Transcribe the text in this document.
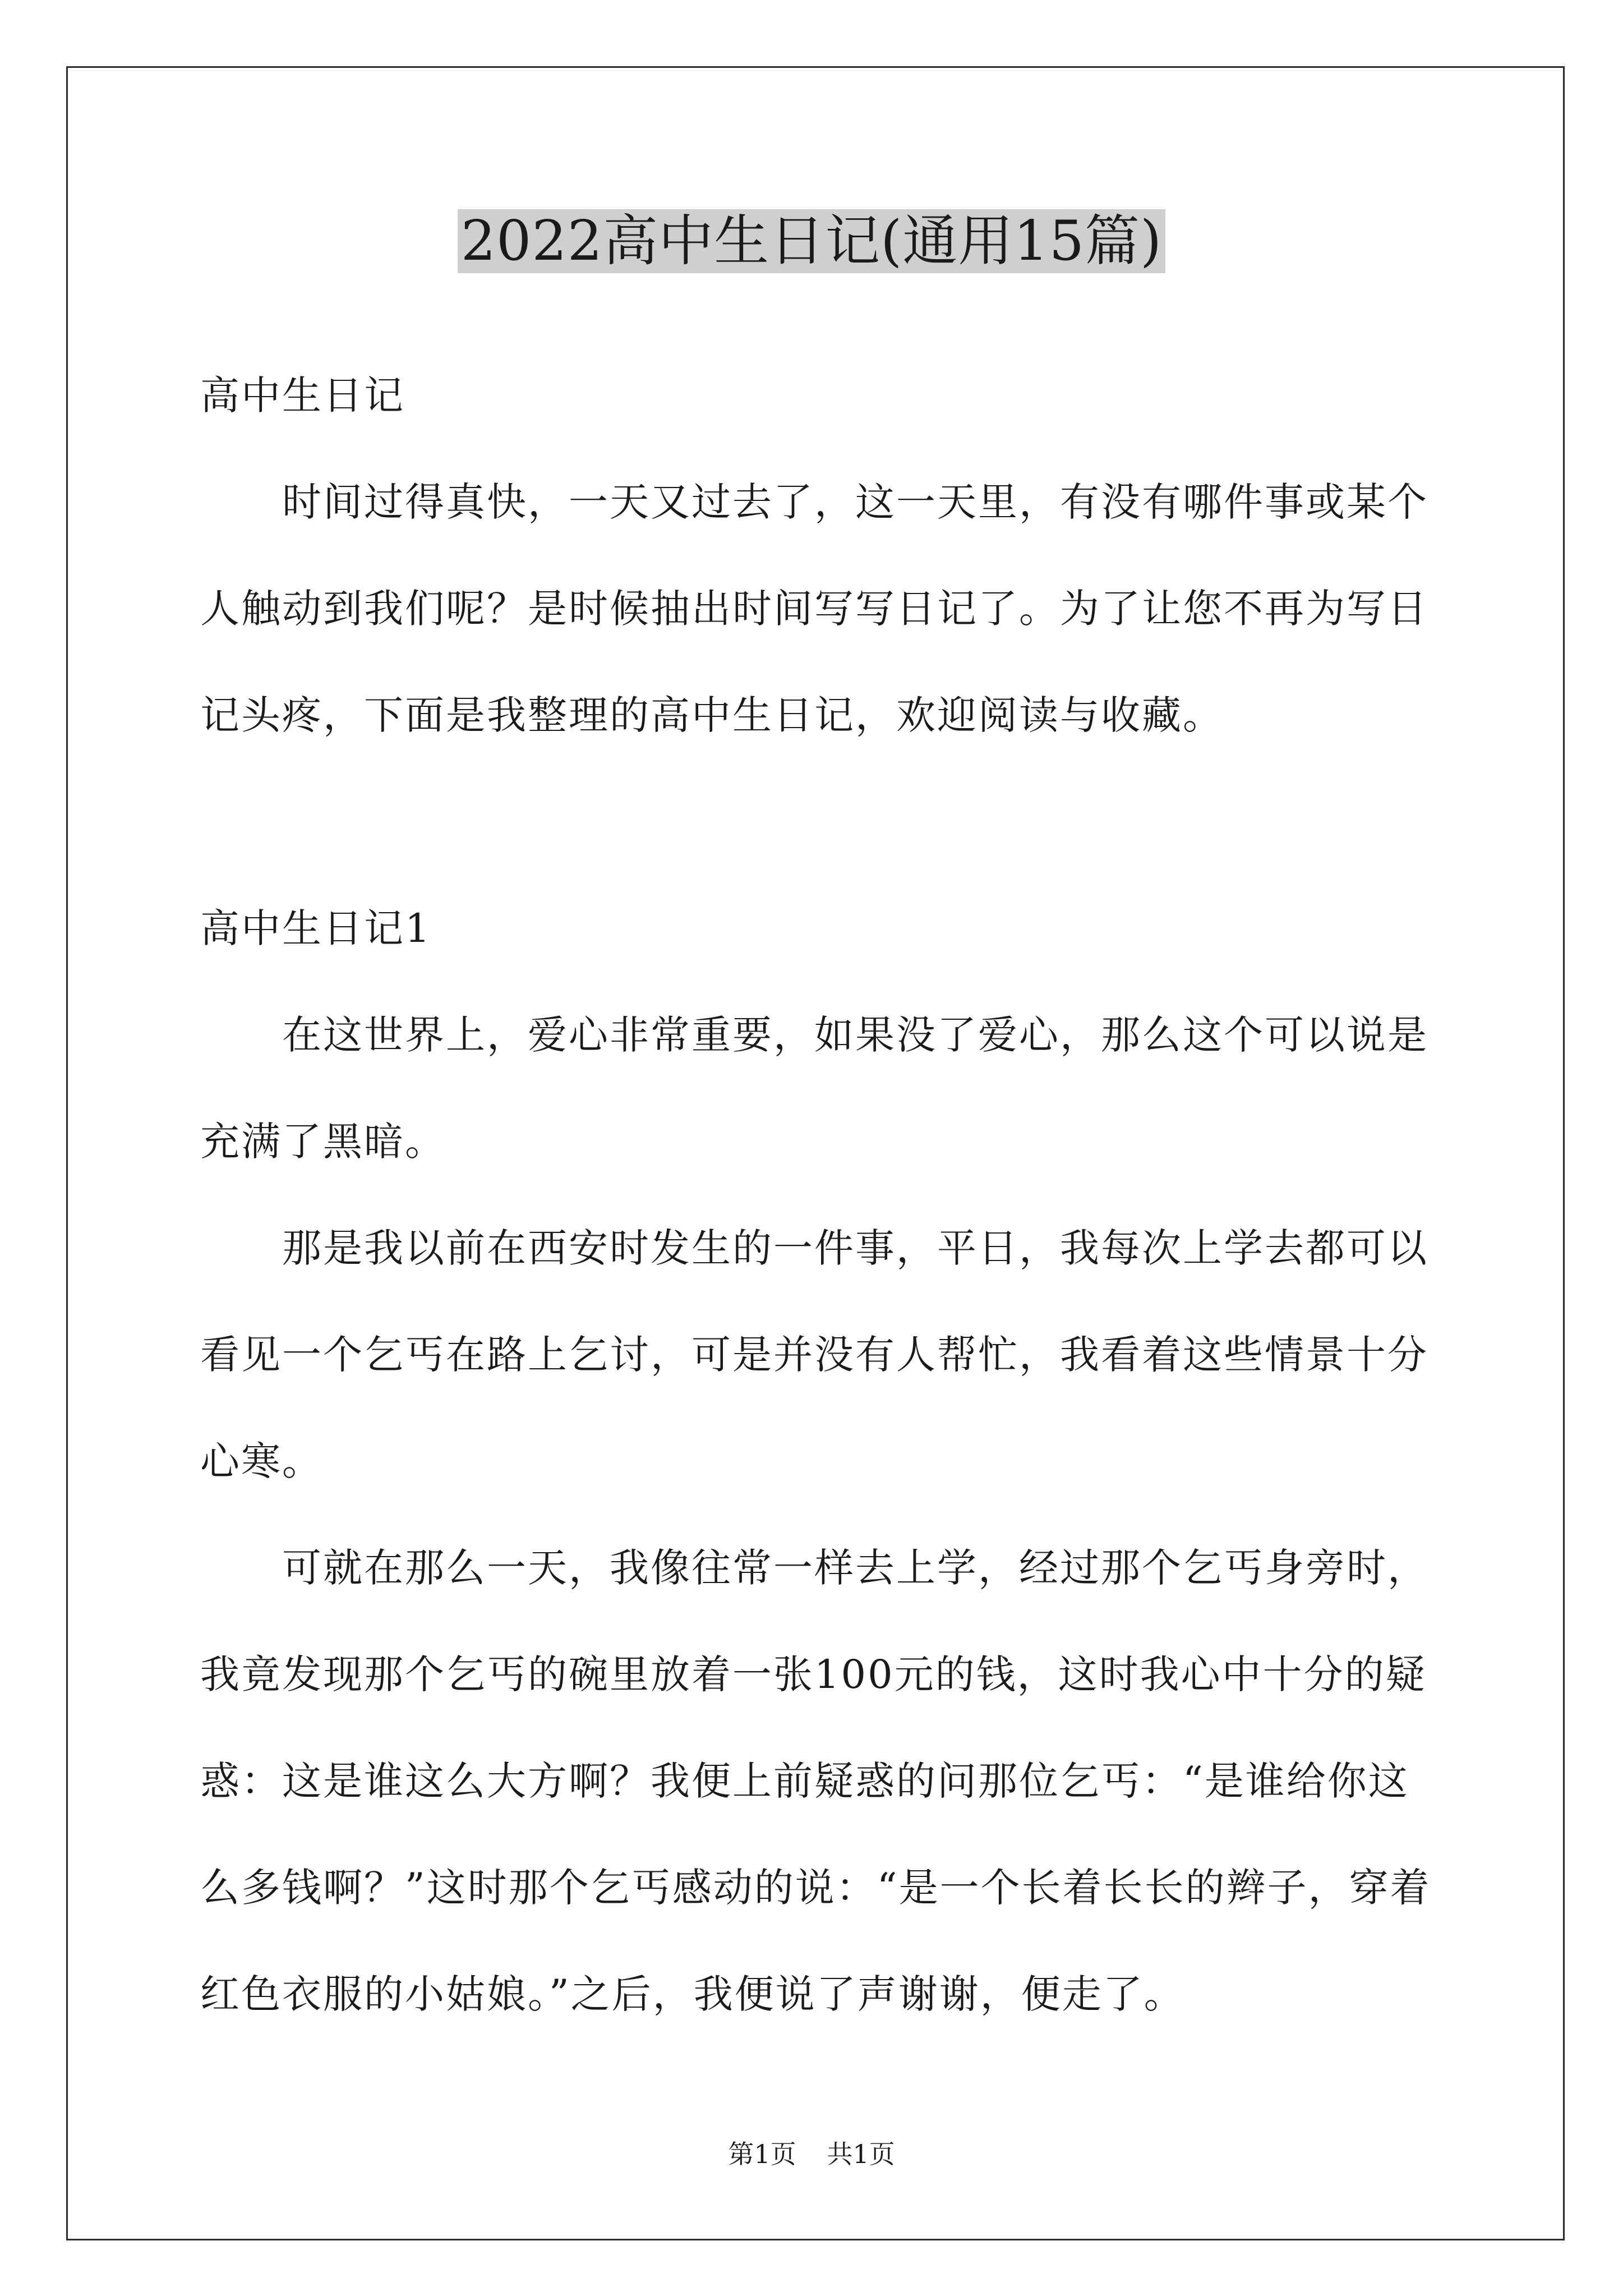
2022高中生日记(通用15篇)

高中生日记

时间过得真快，一天又过去了，这一天里，有没有哪件事或某个人触动到我们呢？是时候抽出时间写写日记了。为了让您不再为写日记头疼，下面是我整理的高中生日记，欢迎阅读与收藏。

高中生日记1

在这世界上，爱心非常重要，如果没了爱心，那么这个可以说是充满了黑暗。

那是我以前在西安时发生的一件事，平日，我每次上学去都可以看见一个乞丐在路上乞讨，可是并没有人帮忙，我看着这些情景十分心寒。

可就在那么一天，我像往常一样去上学，经过那个乞丐身旁时，我竟发现那个乞丐的碗里放着一张100元的钱，这时我心中十分的疑惑：这是谁这么大方啊？我便上前疑惑的问那位乞丐：“是谁给你这么多钱啊？”这时那个乞丐感动的说：“是一个长着长长的辫子，穿着红色衣服的小姑娘。”之后，我便说了声谢谢，便走了。

第1页 共1页
